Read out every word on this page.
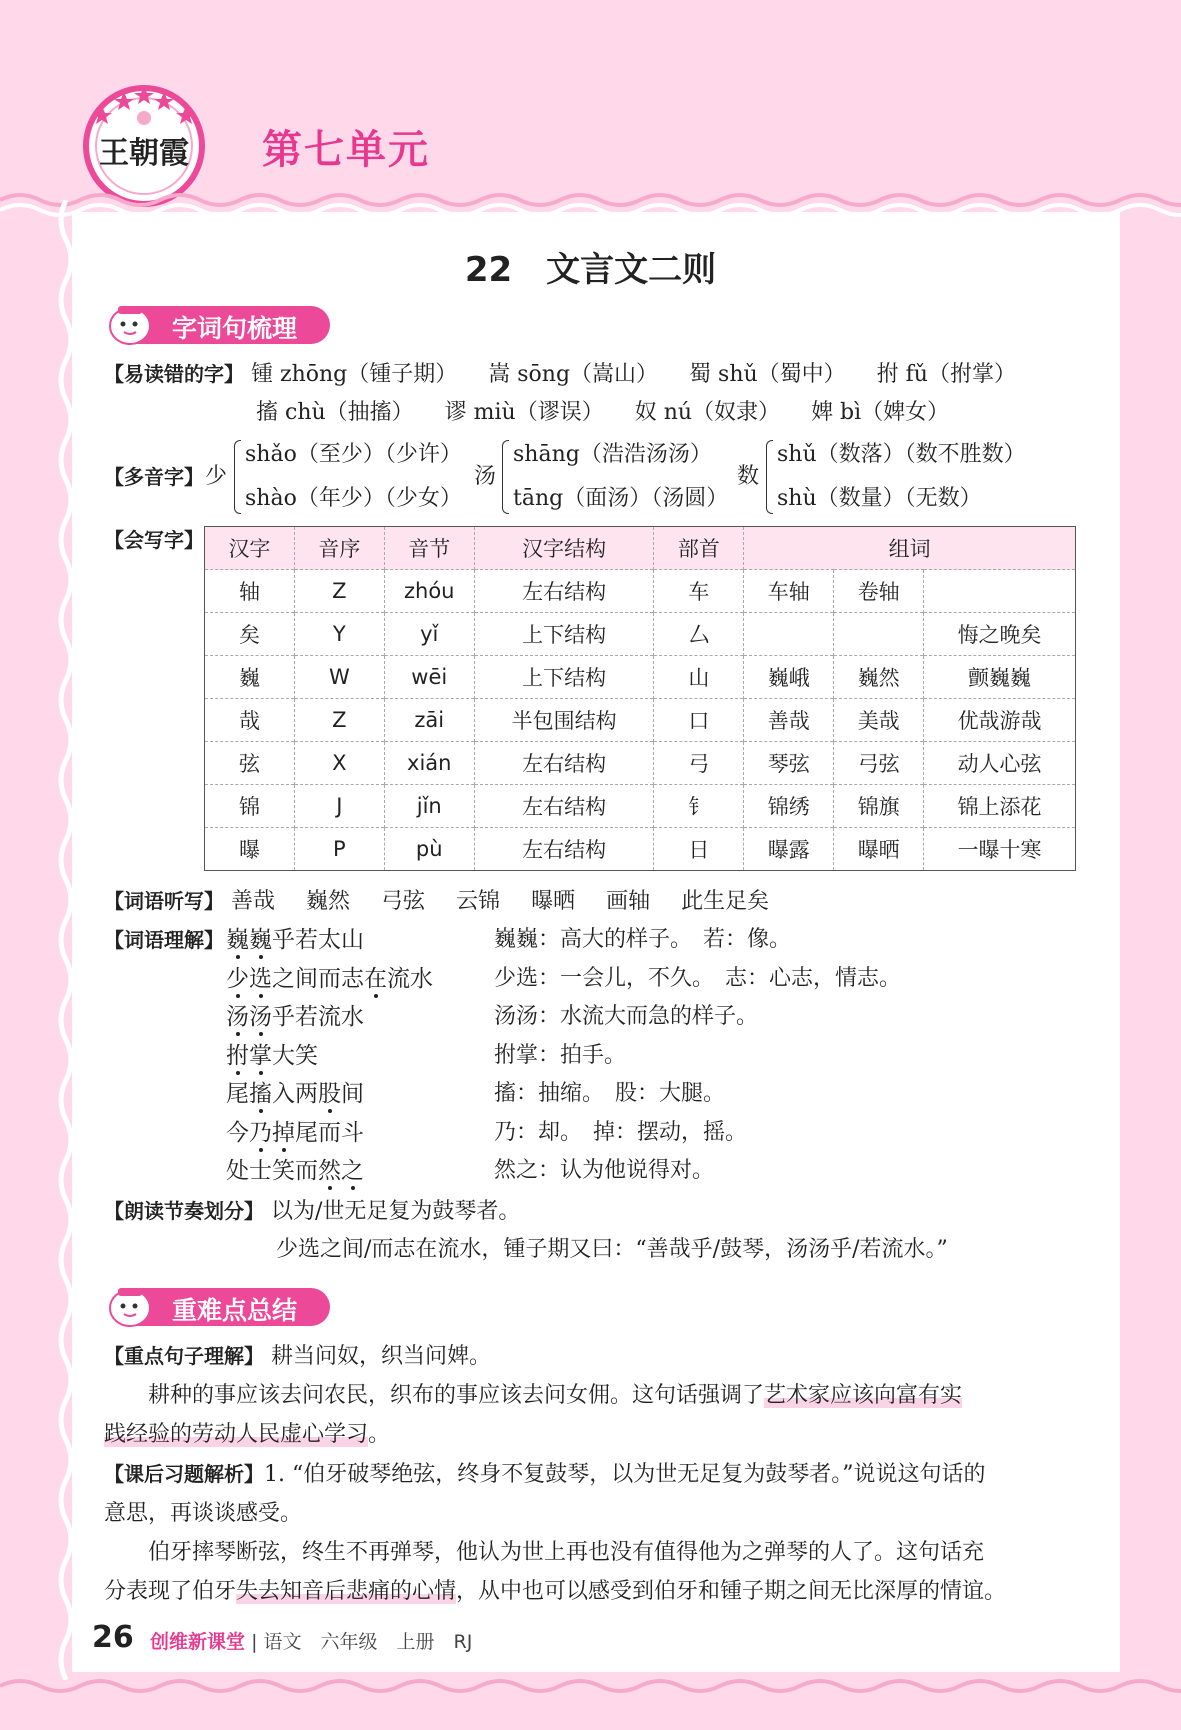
王朝霞 第七单元
22　文言文二则
字词句梳理
【易读错的字】 锺 zhōng（锺子期） 嵩 sōng（嵩山） 蜀 shǔ（蜀中） 拊 fǔ（拊掌）
搐 chù（抽搐） 谬 miù（谬误） 奴 nú（奴隶） 婢 bì（婢女）
【多音字】 少
shǎo（至少）（少许）
shào（年少）（少女）
汤
shāng（浩浩汤汤）
tāng（面汤）（汤圆）
数
shǔ（数落）（数不胜数）
shù（数量）（无数）
【会写字】 汉字	音序	音节	汉字结构	部首	组词		
轴	Z	zhóu	左右结构	车	车轴	卷轴	
矣	Y	yǐ	上下结构	厶			悔之晚矣
巍	W	wēi	上下结构	山	巍峨	巍然	颤巍巍
哉	Z	zāi	半包围结构	口	善哉	美哉	优哉游哉
弦	X	xián	左右结构	弓	琴弦	弓弦	动人心弦
锦	J	jǐn	左右结构	钅	锦绣	锦旗	锦上添花
曝	P	pù	左右结构	日	曝露	曝晒	一曝十寒
【词语听写】 善哉 巍然 弓弦 云锦 曝晒 画轴 此生足矣
【词语理解】 巍巍乎若太山	巍巍：高大的样子。　若：像。
少选之间而志在流水	少选：一会儿，不久。　志：心志，情志。
汤汤乎若流水	汤汤：水流大而急的样子。
拊掌大笑	拊掌：拍手。
尾搐入两股间	搐：抽缩。　股：大腿。
今乃掉尾而斗	乃：却。　掉：摆动，摇。
处士笑而然之	然之：认为他说得对。
【朗读节奏划分】 以为/世无足复为鼓琴者。
少选之间/而志在流水，锺子期又曰：“善哉乎/鼓琴，汤汤乎/若流水。”
重难点总结
【重点句子理解】 耕当问奴，织当问婢。
耕种的事应该去问农民，织布的事应该去问女佣。这句话强调了艺术家应该向富有实
践经验的劳动人民虚心学习。
【课后习题解析】1. “伯牙破琴绝弦，终身不复鼓琴，以为世无足复为鼓琴者。”说说这句话的
意思，再谈谈感受。
伯牙摔琴断弦，终生不再弹琴，他认为世上再也没有值得他为之弹琴的人了。这句话充
分表现了伯牙失去知音后悲痛的心情，从中也可以感受到伯牙和锺子期之间无比深厚的情谊。
26 创维新课堂 | 语文　六年级　上册　RJ
